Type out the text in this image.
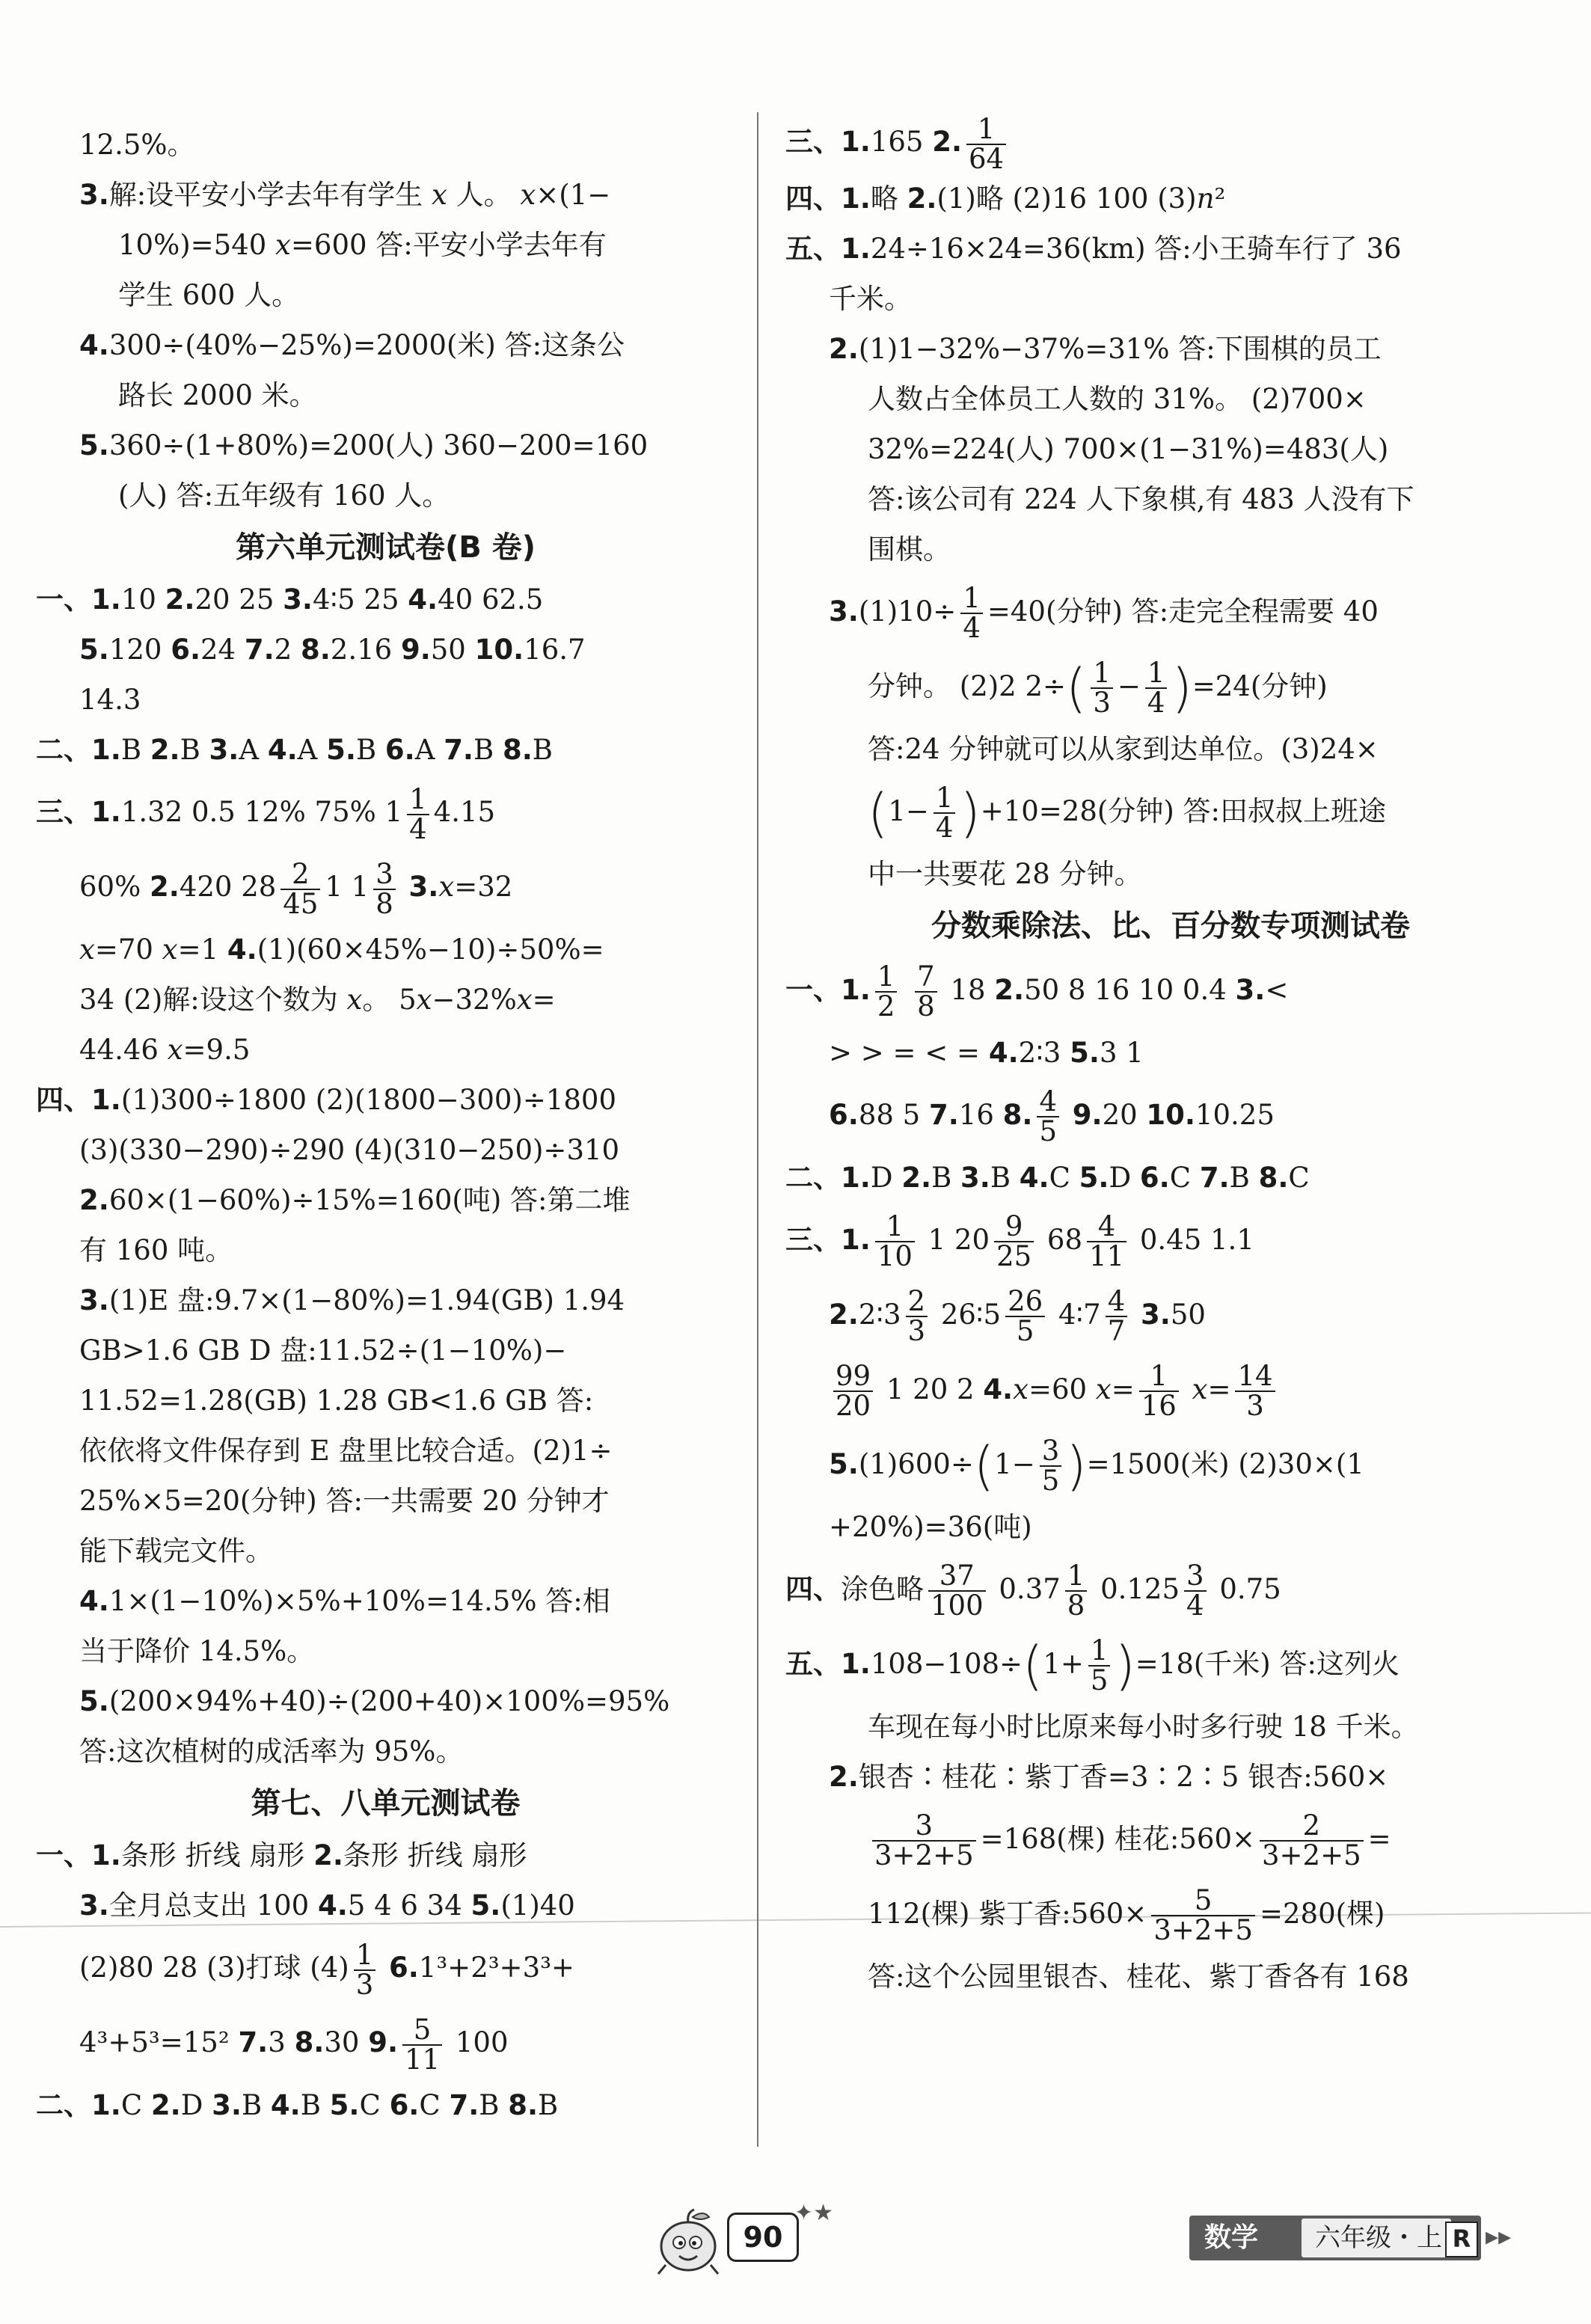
12.5%。
3.解:设平安小学去年有学生 𝑥 人。 𝑥×(1−
10%)=540 𝑥=600 答:平安小学去年有
学生 600 人。
4.300÷(40%−25%)=2000(米) 答:这条公
路长 2000 米。
5.360÷(1+80%)=200(人) 360−200=160
(人) 答:五年级有 160 人。
第六单元测试卷(B 卷)
一、1.10 2.20 25 3.4∶5 25 4.40 62.5
5.120 6.24 7.2 8.2.16 9.50 10.16.7
14.3
二、1.B 2.B 3.A 4.A 5.B 6.A 7.B 8.B
三、1.1.32 0.5 12% 75% $1 \frac{1}{4} 4.15$
60% 2.420 $28 \frac{2}{45} 1$ $1 \frac{3}{8}$ 3.𝑥=32
𝑥=70 𝑥=1 4.(1)(60×45%−10)÷50%=
34 (2)解:设这个数为 𝑥。 5𝑥−32%𝑥=
44.46 𝑥=9.5
四、1.(1)300÷1800 (2)(1800−300)÷1800
(3)(330−290)÷290 (4)(310−250)÷310
2.60×(1−60%)÷15%=160(吨) 答:第二堆
有 160 吨。
3.(1)E 盘:9.7×(1−80%)=1.94(GB) 1.94
GB>1.6 GB D 盘:11.52÷(1−10%)−
11.52=1.28(GB) 1.28 GB<1.6 GB 答:
依依将文件保存到 E 盘里比较合适。(2)1÷
25%×5=20(分钟) 答:一共需要 20 分钟才
能下载完文件。
4.1×(1−10%)×5%+10%=14.5% 答:相
当于降价 14.5%。
5.(200×94%+40)÷(200+40)×100%=95%
答:这次植树的成活率为 95%。
第七、八单元测试卷
一、1.条形 折线 扇形 2.条形 折线 扇形
3.全月总支出 100 4.5 4 6 34 5.(1)40
(2)80 28 (3)打球 $(4) \frac{1}{3} 6.1^3+2^3+3^3+$
4³+5³=15² 7.3 8.30 9. $\frac{5}{11} 100$
二、1.C 2.D 3.B 4.B 5.C 6.C 7.B 8.B
三、1.165 2. $\frac{1}{64}$
四、1.略 2.(1)略 (2)16 100 (3)𝑛²
五、1.24÷16×24=36(km) 答:小王骑车行了 36
千米。
2.(1)1−32%−37%=31% 答:下围棋的员工
人数占全体员工人数的 31%。 (2)700×
32%=224(人) 700×(1−31%)=483(人)
答:该公司有 224 人下象棋,有 483 人没有下
围棋。
$3.(1)10\div \frac{1}{4} =40$(分钟) 答:走完全程需要 40
分钟。 (2)2 $2\div( \frac{1}{3} - \frac{1}{4} )=24$(分钟)
答:24 分钟就可以从家到达单位。(3)24×
$(1- \frac{1}{4} )+10=28$(分钟) 答:田叔叔上班途
中一共要花 28 分钟。
分数乘除法、比、百分数专项测试卷
一、1. $\frac{1}{2}$
$\frac{7}{8} 18$ 2.50 8 16 10 0.4 3.<
> > = < = 4.2∶3 5.3 1
6.88 5 7.16 8. $\frac{4}{5} 9.20$ 10.10.25
二、1.D 2.B 3.B 4.C 5.D 6.C 7.B 8.C
三、1. $\frac{1}{10} 1$ $20 \frac{9}{25} 68 \frac{4}{11} 0.45$ 1.1
2.2∶3 $\frac{2}{3}$ 26∶5 $\frac{26}{5}$ 4∶7 $\frac{4}{7} 3.50$
$\frac{99}{20} 1$ 20 2 4.𝑥=60 𝑥= $\frac{1}{16}$ 𝑥= $\frac{14}{3}$
$5.(1)600\div(1- \frac{3}{5} )=1500$(米) (2)30×(1
+20%)=36(吨)
四、涂色略 $\frac{37}{100} 0.37 \frac{1}{8} 0.125 \frac{3}{4} 0.75$
五、$1.108-108\div(1+ \frac{1}{5} )=18$(千米) 答:这列火
车现在每小时比原来每小时多行驶 18 千米。
2.银杏∶桂花∶紫丁香=3∶2∶5 银杏:560×
$\frac{3}{3+2+5} =168$(棵) 桂花:560× $\frac{2}{3+2+5}$ =
112(棵) 紫丁香:560× $\frac{5}{3+2+5} =280$(棵)
答:这个公园里银杏、桂花、紫丁香各有 168
90
✦★
数学	六年级・上 R ▸▸
